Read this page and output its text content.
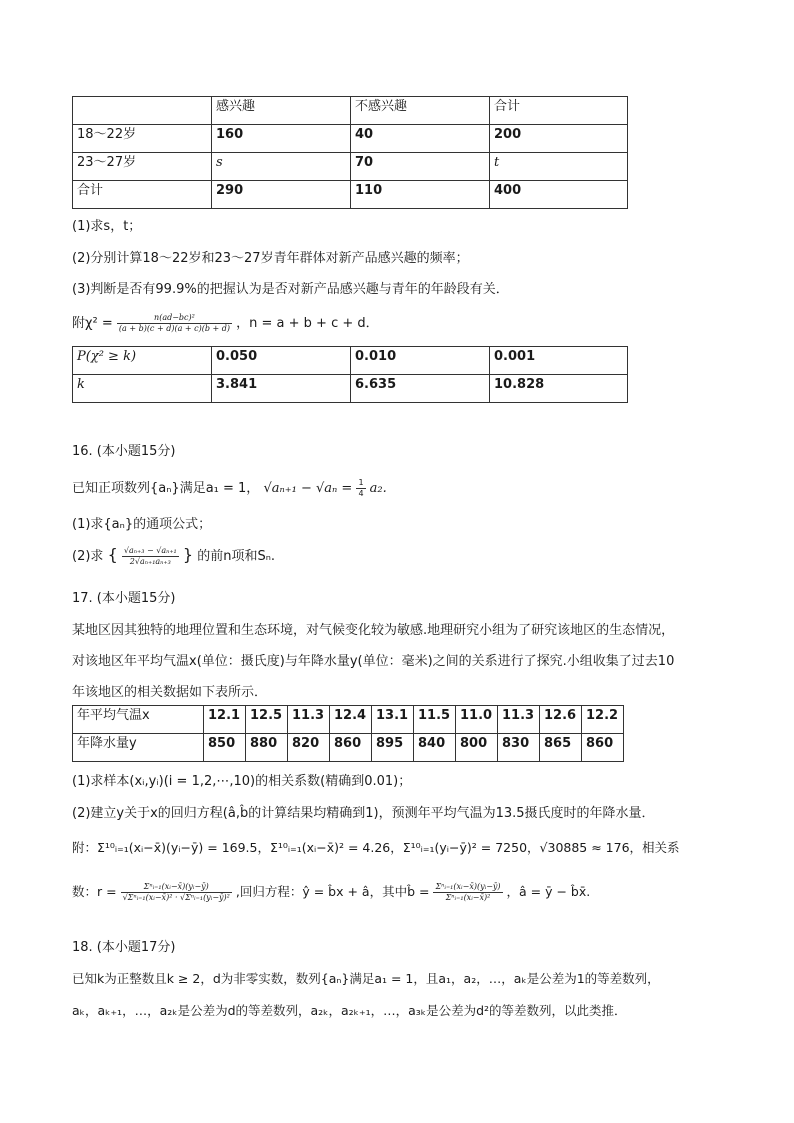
	感兴趣	不感兴趣	合计
18～22岁	160	40	200
23～27岁	s	70	t
合计	290	110	400
(1)求s，t；
(2)分别计算18～22岁和23～27岁青年群体对新产品感兴趣的频率；
(3)判断是否有99.9%的把握认为是否对新产品感兴趣与青年的年龄段有关．
附$\chi^2 = \frac{\text{n(ad−bc)²}}{(a + b)(c + d)(a + c)(b + d)}$ ，n = a + b + c + d．
P(χ² ≥ k)	0.050	0.010	0.001
k	3.841	6.635	10.828
16. (本小题15分)
已知正项数列{aₙ}满足a₁ = 1， $√a_{n+1} - √a_n = \frac{1}{4} a_2$.
(1)求{aₙ}的通项公式；
(2)求 { $\frac{\text{√aₙ₊₃ − √aₙ₊₁}}{\text{2√aₙ₊₁aₙ₊₃}}$ } 的前n项和Sₙ.
17. (本小题15分)
某地区因其独特的地理位置和生态环境，对气候变化较为敏感.地理研究小组为了研究该地区的生态情况，
对该地区年平均气温x(单位：摄氏度)与年降水量y(单位：毫米)之间的关系进行了探究.小组收集了过去10
年该地区的相关数据如下表所示．
年平均气温x	12.1	12.5	11.3	12.4	13.1	11.5	11.0	11.3	12.6	12.2
年降水量y	850	880	820	860	895	840	800	830	865	860
(1)求样本(xᵢ,yᵢ)(i = 1,2,⋯,10)的相关系数(精确到0.01)；
(2)建立y关于x的回归方程(â,b̂的计算结果均精确到1)，预测年平均气温为13.5摄氏度时的年降水量．
附：Σ¹⁰ᵢ₌₁(xᵢ−x̄)(yᵢ−ȳ) = 169.5，Σ¹⁰ᵢ₌₁(xᵢ−x̄)² = 4.26，Σ¹⁰ᵢ₌₁(yᵢ−ȳ)² = 7250，√30885 ≈ 176，相关系
数：$r = \frac{\text{Σⁿᵢ₌₁(xᵢ−x̄)(yᵢ−ȳ)}}{\text{√Σⁿᵢ₌₁(xᵢ−x̄)² · √Σⁿᵢ₌₁(yᵢ−ȳ)²}}$ ,回归方程：ŷ = b̂x + â，其中b̂ = $\frac{\text{Σⁿᵢ₌₁(xᵢ−x̄)(yᵢ−ȳ)}}{\text{Σⁿᵢ₌₁(xᵢ−x̄)²}}$ ，â = ȳ − b̂x̄.
18. (本小题17分)
已知k为正整数且k ≥ 2，d为非零实数，数列{aₙ}满足a₁ = 1，且a₁，a₂，…，aₖ是公差为1的等差数列，
aₖ，aₖ₊₁，…，a₂ₖ是公差为d的等差数列，a₂ₖ，a₂ₖ₊₁，…，a₃ₖ是公差为d²的等差数列，以此类推．
